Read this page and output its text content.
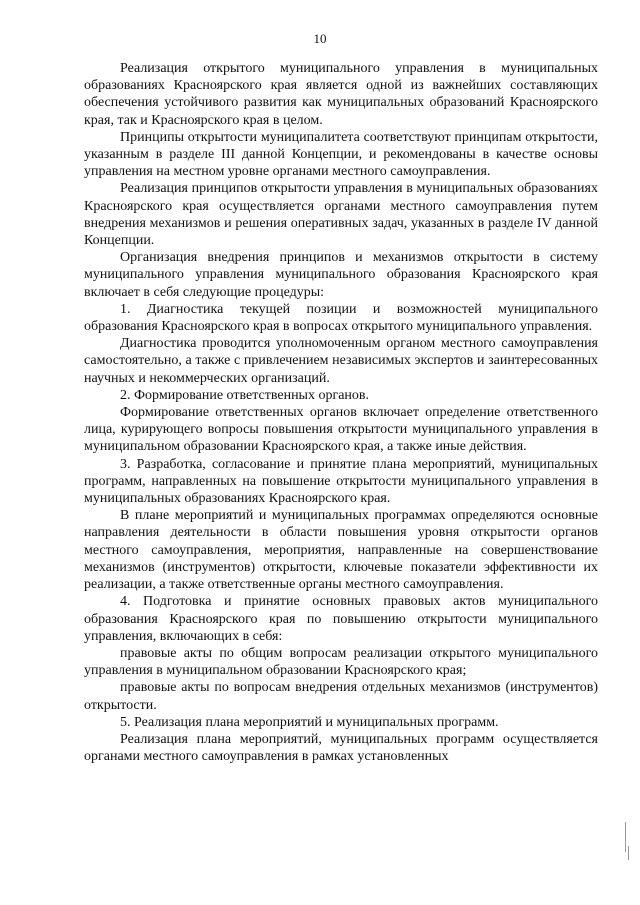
10

Реализация открытого муниципального управления в муниципальных образованиях Красноярского края является одной из важнейших составляющих обеспечения устойчивого развития как муниципальных образований Красноярского края, так и Красноярского края в целом.

Принципы открытости муниципалитета соответствуют принципам открытости, указанным в разделе III данной Концепции, и рекомендованы в качестве основы управления на местном уровне органами местного самоуправления.

Реализация принципов открытости управления в муниципальных образованиях Красноярского края осуществляется органами местного самоуправления путем внедрения механизмов и решения оперативных задач, указанных в разделе IV данной Концепции.

Организация внедрения принципов и механизмов открытости в систему муниципального управления муниципального образования Красноярского края включает в себя следующие процедуры:

1. Диагностика текущей позиции и возможностей муниципального образования Красноярского края в вопросах открытого муниципального управления.

Диагностика проводится уполномоченным органом местного самоуправления самостоятельно, а также с привлечением независимых экспертов и заинтересованных научных и некоммерческих организаций.

2. Формирование ответственных органов.

Формирование ответственных органов включает определение ответственного лица, курирующего вопросы повышения открытости муниципального управления в муниципальном образовании Красноярского края, а также иные действия.

3. Разработка, согласование и принятие плана мероприятий, муниципальных программ, направленных на повышение открытости муниципального управления в муниципальных образованиях Красноярского края.

В плане мероприятий и муниципальных программах определяются основные направления деятельности в области повышения уровня открытости органов местного самоуправления, мероприятия, направленные на совершенствование механизмов (инструментов) открытости, ключевые показатели эффективности их реализации, а также ответственные органы местного самоуправления.

4. Подготовка и принятие основных правовых актов муниципального образования Красноярского края по повышению открытости муниципального управления, включающих в себя:

правовые акты по общим вопросам реализации открытого муниципального управления в муниципальном образовании Красноярского края;

правовые акты по вопросам внедрения отдельных механизмов (инструментов) открытости.

5. Реализация плана мероприятий и муниципальных программ.

Реализация плана мероприятий, муниципальных программ осуществляется органами местного самоуправления в рамках установленных
